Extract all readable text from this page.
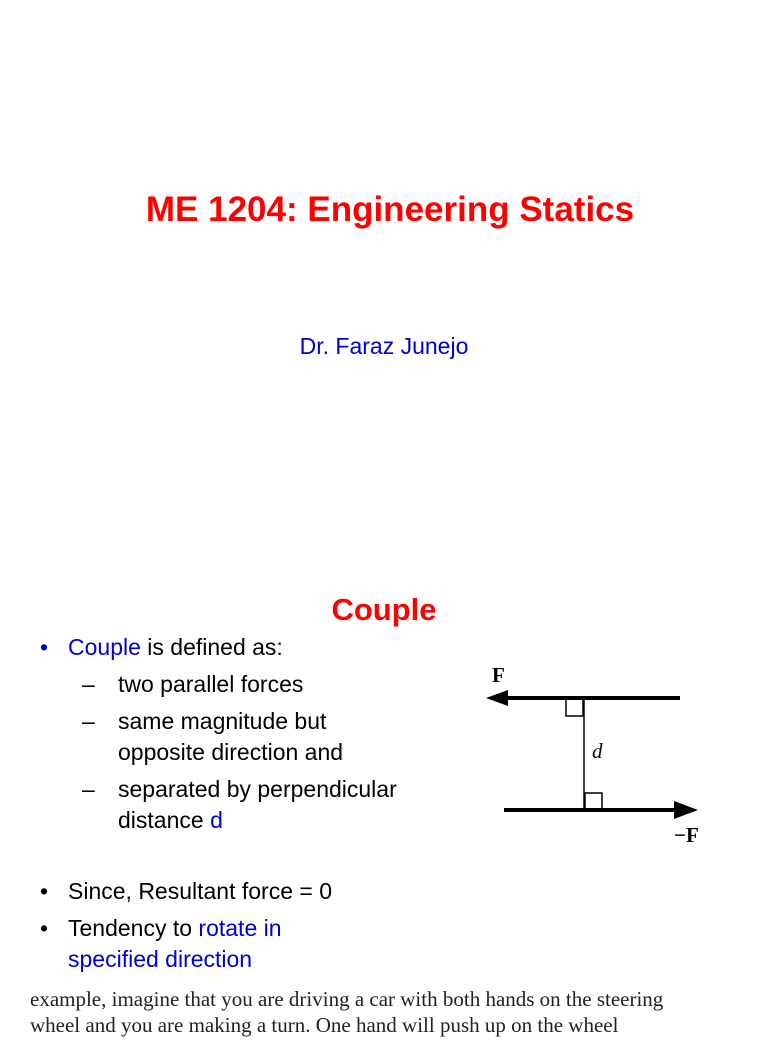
ME 1204: Engineering Statics

Dr. Faraz Junejo

Couple
• Couple is defined as:
– two parallel forces
– same magnitude but opposite direction and
– separated by perpendicular distance d
• Since, Resultant force = 0
• Tendency to rotate in specified direction
F
d
−F
example, imagine that you are driving a car with both hands on the steering
wheel and you are making a turn. One hand will push up on the wheel
